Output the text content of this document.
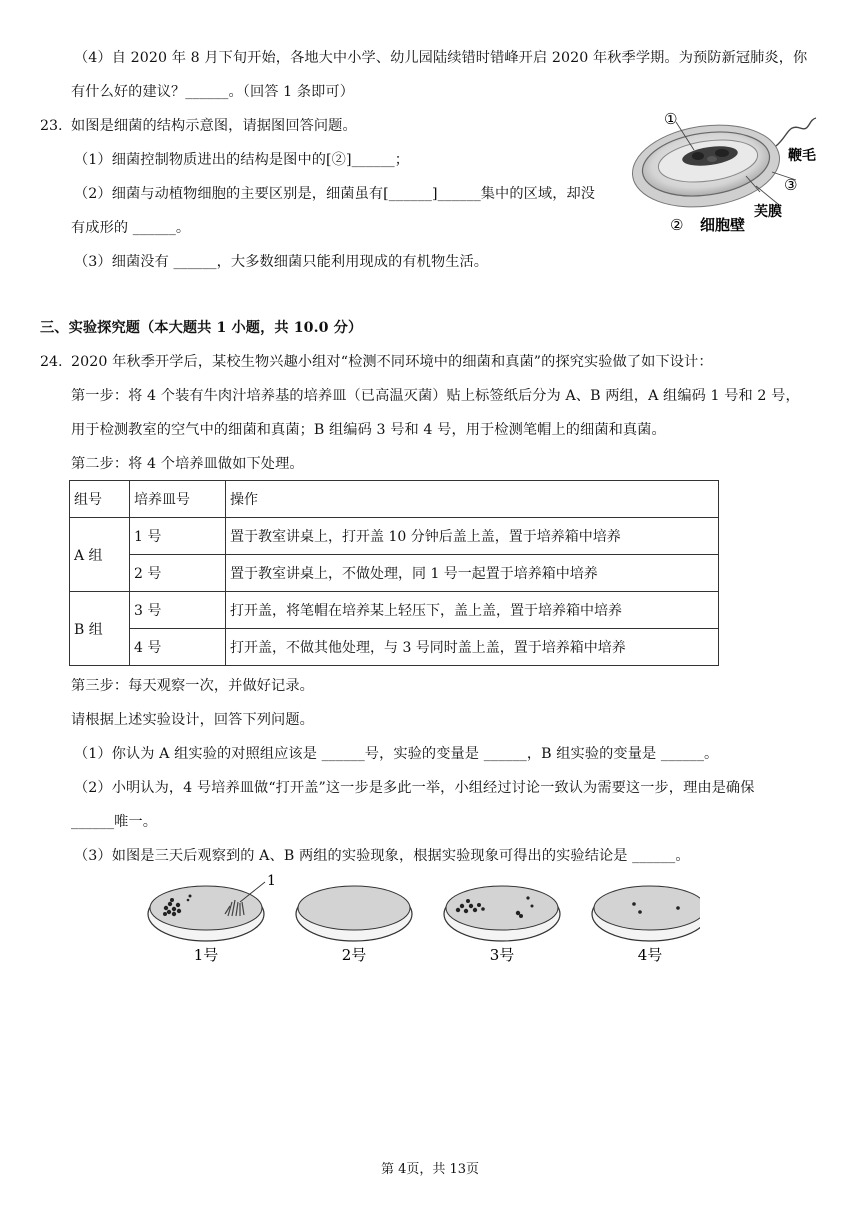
（4）自 2020 年 8 月下旬开始，各地大中小学、幼儿园陆续错时错峰开启 2020 年秋季学期。为预防新冠肺炎，你
有什么好的建议？______。（回答 1 条即可）
23. 如图是细菌的结构示意图，请据图回答问题。
（1）细菌控制物质进出的结构是图中的[②]______；
（2）细菌与动植物细胞的主要区别是，细菌虽有[______]______集中的区域，却没
有成形的 ______。
（3）细菌没有 ______，大多数细菌只能利用现成的有机物生活。
①
鞭毛
③
芙膜
② 细胞壁
三、实验探究题（本大题共 1 小题，共 10.0 分）
24. 2020 年秋季开学后，某校生物兴趣小组对“检测不同环境中的细菌和真菌”的探究实验做了如下设计：
第一步：将 4 个装有牛肉汁培养基的培养皿（已高温灭菌）贴上标签纸后分为 A、B 两组，A 组编码 1 号和 2 号，
用于检测教室的空气中的细菌和真菌；B 组编码 3 号和 4 号，用于检测笔帽上的细菌和真菌。
第二步：将 4 个培养皿做如下处理。
组号	培养皿号	操作
A 组	1 号	置于教室讲桌上，打开盖 10 分钟后盖上盖，置于培养箱中培养
	2 号	置于教室讲桌上，不做处理，同 1 号一起置于培养箱中培养
B 组	3 号	打开盖，将笔帽在培养某上轻压下，盖上盖，置于培养箱中培养
	4 号	打开盖，不做其他处理，与 3 号同时盖上盖，置于培养箱中培养
第三步：每天观察一次，并做好记录。
请根据上述实验设计，回答下列问题。
（1）你认为 A 组实验的对照组应该是 ______号，实验的变量是 ______，B 组实验的变量是 ______。
（2）小明认为，4 号培养皿做“打开盖”这一步是多此一举，小组经过讨论一致认为需要这一步，理由是确保
______唯一。
（3）如图是三天后观察到的 A、B 两组的实验现象，根据实验现象可得出的实验结论是 ______。
1
1号	2号	3号	4号
第 4页，共 13页
